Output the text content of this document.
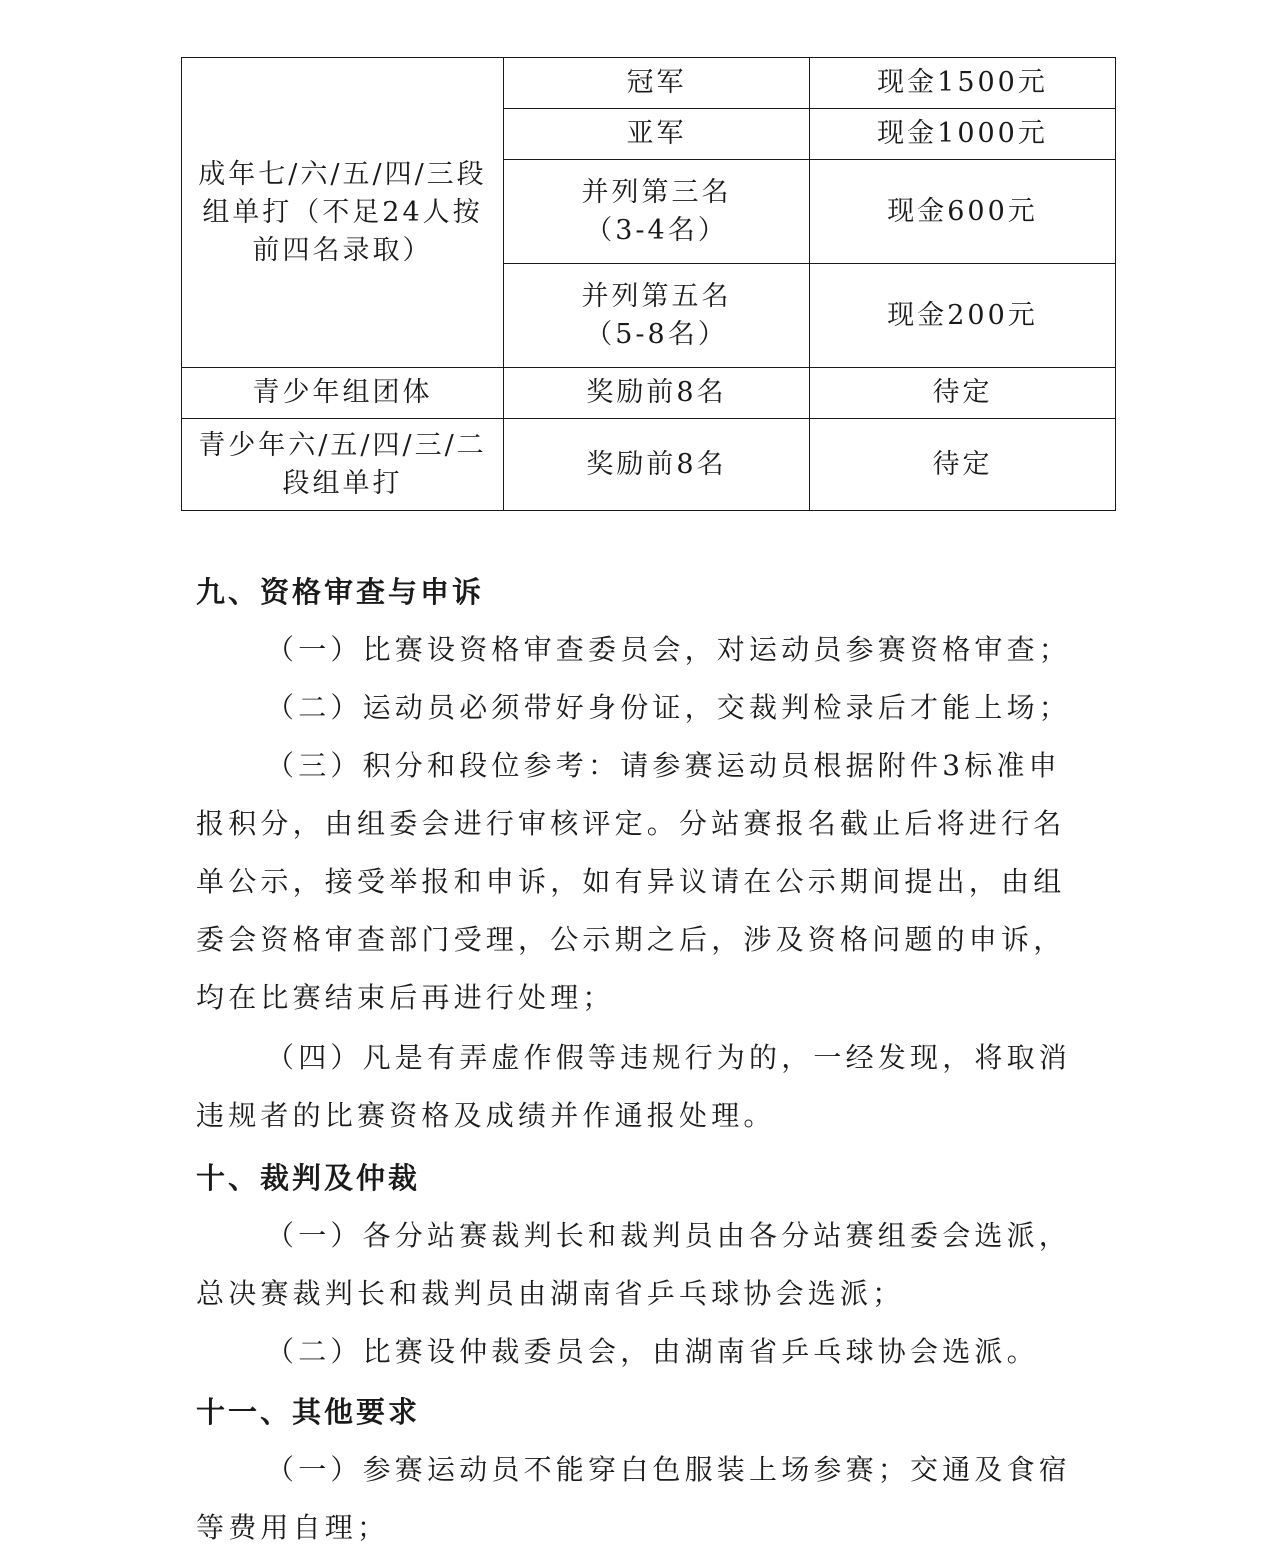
成年七/六/五/四/三段组单打（不足24人按前四名录取）	冠军	现金1500元
	亚军	现金1000元
	并列第三名（3-4名）	现金600元
	并列第五名（5-8名）	现金200元
青少年组团体	奖励前8名	待定
青少年六/五/四/三/二段组单打	奖励前8名	待定
九、资格审查与申诉
（一）比赛设资格审查委员会，对运动员参赛资格审查；
（二）运动员必须带好身份证，交裁判检录后才能上场；
（三）积分和段位参考：请参赛运动员根据附件3标准申报积分，由组委会进行审核评定。分站赛报名截止后将进行名单公示，接受举报和申诉，如有异议请在公示期间提出，由组委会资格审查部门受理，公示期之后，涉及资格问题的申诉，均在比赛结束后再进行处理；
（四）凡是有弄虚作假等违规行为的，一经发现，将取消违规者的比赛资格及成绩并作通报处理。
十、裁判及仲裁
（一）各分站赛裁判长和裁判员由各分站赛组委会选派，总决赛裁判长和裁判员由湖南省乒乓球协会选派；
（二）比赛设仲裁委员会，由湖南省乒乓球协会选派。
十一、其他要求
（一）参赛运动员不能穿白色服装上场参赛；交通及食宿等费用自理；
